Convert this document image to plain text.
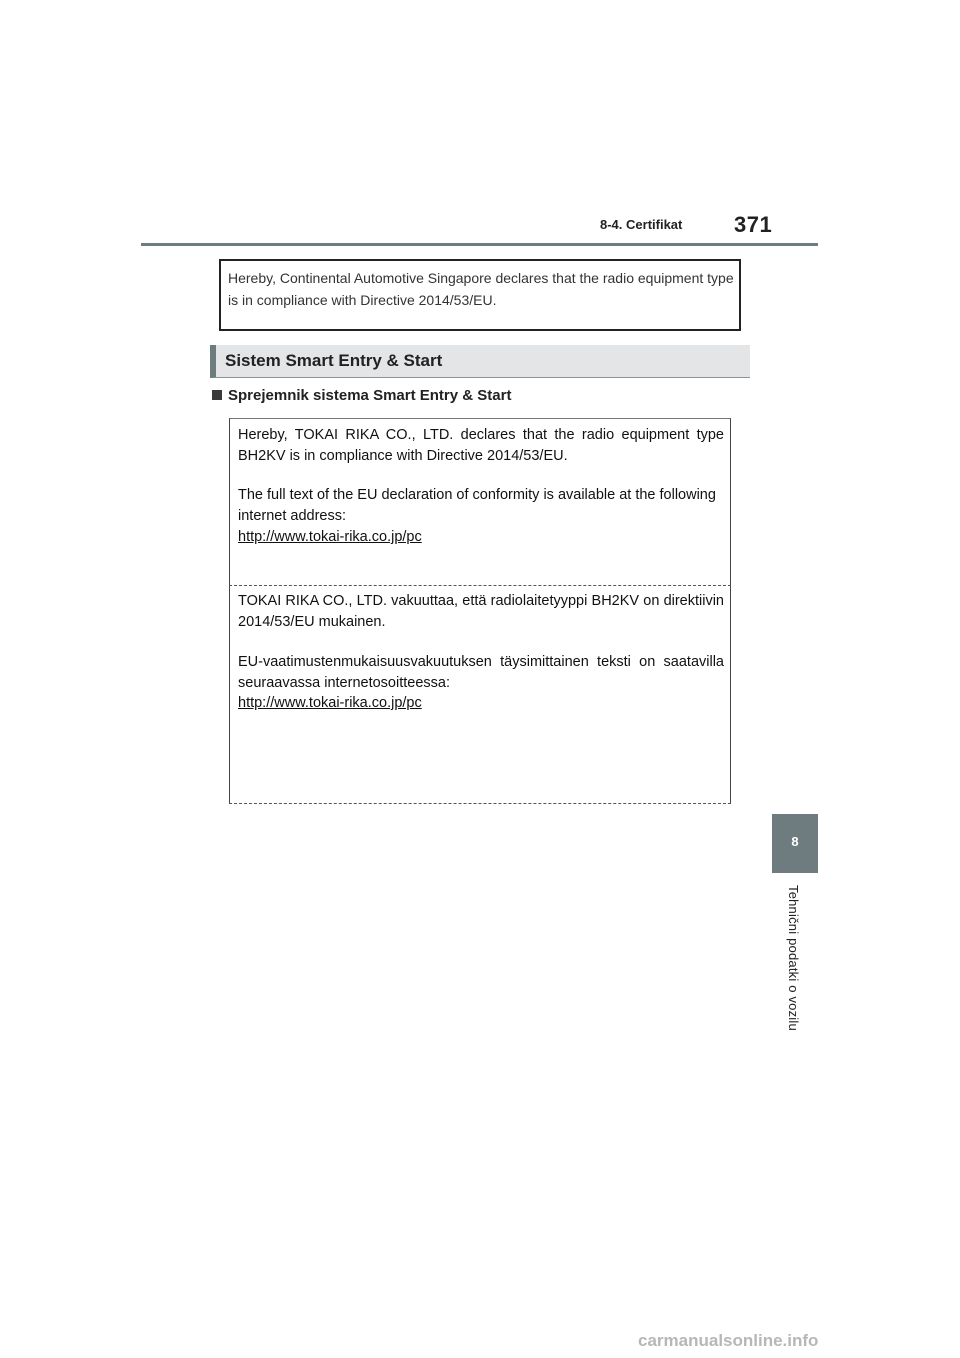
8-4. Certifikat 371
Hereby, Continental Automotive Singapore declares that the radio equipment type is in compliance with Directive 2014/53/EU.
Sistem Smart Entry & Start
Sprejemnik sistema Smart Entry & Start
Hereby, TOKAI RIKA CO., LTD. declares that the radio equipment type BH2KV is in compliance with Directive 2014/53/EU.
The full text of the EU declaration of conformity is available at the following internet address:
http://www.tokai-rika.co.jp/pc
TOKAI RIKA CO., LTD. vakuuttaa, että radiolaitetyyppi BH2KV on direktiivin 2014/53/EU mukainen.
EU-vaatimustenmukaisuusvakuutuksen täysimittainen teksti on saatavilla seuraavassa internetosoitteessa:
http://www.tokai-rika.co.jp/pc
8
Tehnični podatki o vozilu
carmanualsonline.info
